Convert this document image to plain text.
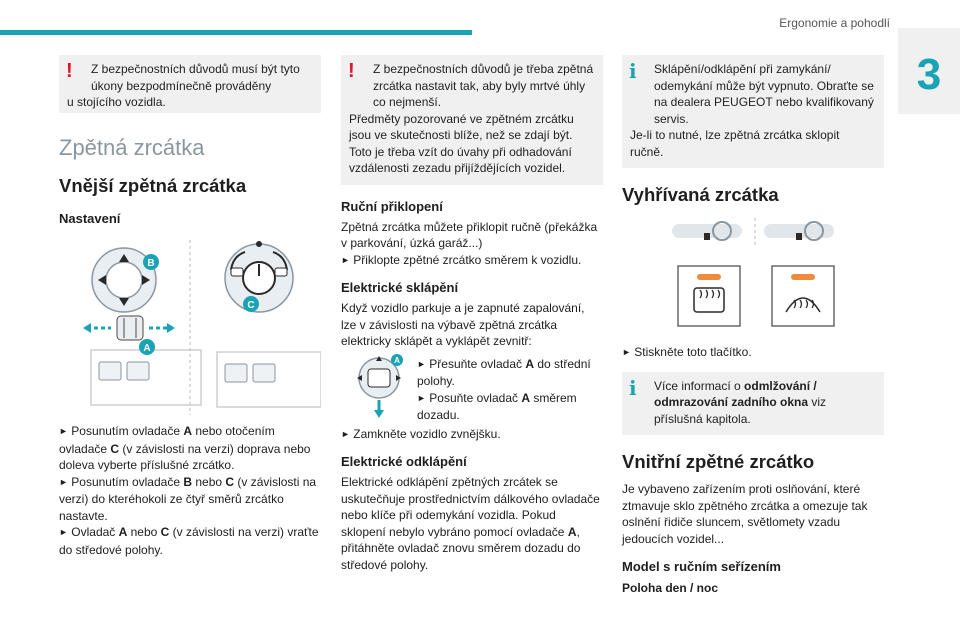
Ergonomie a pohodlí
3
!	Z bezpečnostních důvodů musí být tyto úkony bezpodmínečně prováděny
u stojícího vozidla.
Zpětná zrcátka
Vnější zpětná zrcátka
Nastavení
B
A
C
► Posunutím ovladače A nebo otočením ovladače C (v závislosti na verzi) doprava nebo doleva vyberte příslušné zrcátko.
► Posunutím ovladače B nebo C (v závislosti na verzi) do kteréhokoli ze čtyř směrů zrcátko nastavte.
► Ovladač A nebo C (v závislosti na verzi) vraťte do středové polohy.
!	Z bezpečnostních důvodů je třeba zpětná zrcátka nastavit tak, aby byly mrtvé úhly co nejmenší.
Předměty pozorované ve zpětném zrcátku jsou ve skutečnosti blíže, než se zdají být.
Toto je třeba vzít do úvahy při odhadování vzdálenosti zezadu přijíždějících vozidel.
Ruční přiklopení
Zpětná zrcátka můžete přiklopit ručně (překážka v parkování, úzká garáž...)
► Přiklopte zpětné zrcátko směrem k vozidlu.
Elektrické sklápění
Když vozidlo parkuje a je zapnuté zapalování, lze v závislosti na výbavě zpětná zrcátka elektricky sklápět a vyklápět zevnitř:
A ► Přesuňte ovladač A do střední polohy.
► Posuňte ovladač A směrem dozadu.
► Zamkněte vozidlo zvnějšku.
Elektrické odklápění
Elektrické odklápění zpětných zrcátek se uskutečňuje prostřednictvím dálkového ovladače nebo klíče při odemykání vozidla. Pokud sklopení nebylo vybráno pomocí ovladače A, přitáhněte ovladač znovu směrem dozadu do středové polohy.
i	Sklápění/odklápění při zamykání/ odemykání může být vypnuto. Obraťte se na dealera PEUGEOT nebo kvalifikovaný servis.
Je-li to nutné, lze zpětná zrcátka sklopit ručně.
Vyhřívaná zrcátka
► Stiskněte toto tlačítko.
i	Více informací o odmlžování / odmrazování zadního okna viz příslušná kapitola.
Vnitřní zpětné zrcátko
Je vybaveno zařízením proti oslňování, které ztmavuje sklo zpětného zrcátka a omezuje tak oslnění řidiče sluncem, světlomety vzadu jedoucích vozidel...
Model s ručním seřízením
Poloha den / noc
